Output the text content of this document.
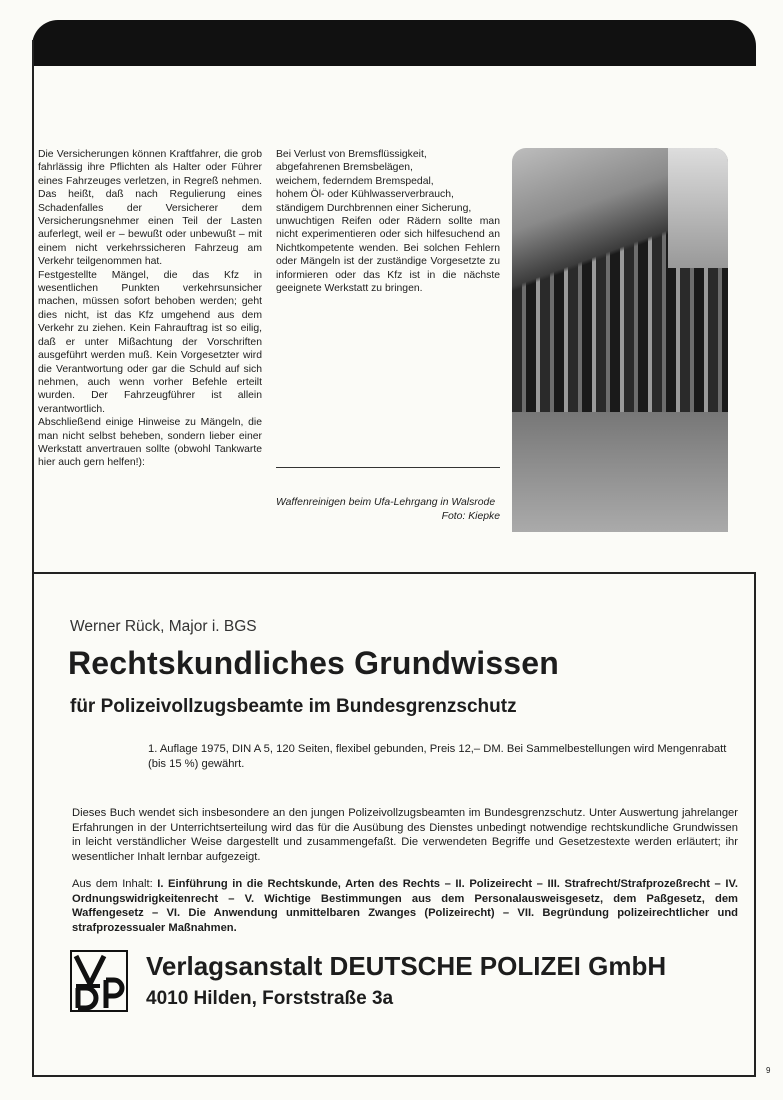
Die Versicherungen können Kraftfahrer, die grob fahrlässig ihre Pflichten als Halter oder Führer eines Fahrzeuges verletzen, in Regreß nehmen. Das heißt, daß nach Regulierung eines Schadenfalles der Versicherer dem Versicherungsnehmer einen Teil der Lasten auferlegt, weil er – bewußt oder unbewußt – mit einem nicht verkehrssicheren Fahrzeug am Verkehr teilgenommen hat.

Festgestellte Mängel, die das Kfz in wesentlichen Punkten verkehrsunsicher machen, müssen sofort behoben werden; geht dies nicht, ist das Kfz umgehend aus dem Verkehr zu ziehen. Kein Fahrauftrag ist so eilig, daß er unter Mißachtung der Vorschriften ausgeführt werden muß. Kein Vorgesetzter wird die Verantwortung oder gar die Schuld auf sich nehmen, auch wenn vorher Befehle erteilt wurden. Der Fahrzeugführer ist allein verantwortlich.

Abschließend einige Hinweise zu Mängeln, die man nicht selbst beheben, sondern lieber einer Werkstatt anvertrauen sollte (obwohl Tankwarte hier auch gern helfen!):

Bei Verlust von Bremsflüssigkeit,

abgefahrenen Bremsbelägen,

weichem, federndem Bremspedal,

hohem Öl- oder Kühlwasserverbrauch,

ständigem Durchbrennen einer Sicherung,

unwuchtigen Reifen oder Rädern sollte man nicht experimentieren oder sich hilfesuchend an Nichtkompetente wenden. Bei solchen Fehlern oder Mängeln ist der zuständige Vorgesetzte zu informieren oder das Kfz ist in die nächste geeignete Werkstatt zu bringen.

Waffenreinigen beim Ufa-Lehrgang in Walsrode
Foto: Kiepke
Werner Rück, Major i. BGS
Rechtskundliches Grundwissen
für Polizeivollzugsbeamte im Bundesgrenzschutz
1. Auflage 1975, DIN A 5, 120 Seiten, flexibel gebunden, Preis 12,– DM. Bei Sammelbestellungen wird Mengenrabatt (bis 15 %) gewährt.
Dieses Buch wendet sich insbesondere an den jungen Polizeivollzugsbeamten im Bundesgrenzschutz. Unter Auswertung jahrelanger Erfahrungen in der Unterrichtserteilung wird das für die Ausübung des Dienstes unbedingt notwendige rechtskundliche Grundwissen in leicht verständlicher Weise dargestellt und zusammengefaßt. Die verwendeten Begriffe und Gesetzestexte werden erläutert; ihr wesentlicher Inhalt lernbar aufgezeigt.
Aus dem Inhalt: I. Einführung in die Rechtskunde, Arten des Rechts – II. Polizeirecht – III. Strafrecht/Strafprozeßrecht – IV. Ordnungswidrigkeitenrecht – V. Wichtige Bestimmungen aus dem Personalausweisgesetz, dem Paßgesetz, dem Waffengesetz – VI. Die Anwendung unmittelbaren Zwanges (Polizeirecht) – VII. Begründung polizeirechtlicher und strafprozessualer Maßnahmen.
Verlagsanstalt DEUTSCHE POLIZEI GmbH
4010 Hilden, Forststraße 3a
9
